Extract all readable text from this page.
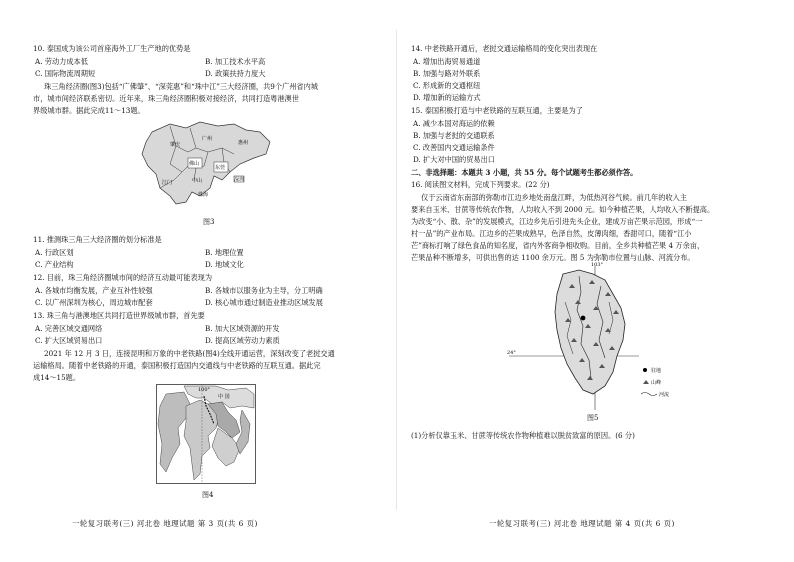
10. 泰国成为该公司首座海外工厂生产地的优势是
A. 劳动力成本低	B. 加工技术水平高
C. 国际物流周期短	D. 政策扶持力度大
珠三角经济圈(图3)包括“广佛肇”、“深莞惠”和“珠中江”三大经济圈，共9个广州省内城
市，城市间经济联系密切。近年来，珠三角经济圈积极对接经济，共同打造粤港澳世
界级城市群。据此完成11～13题。
肇庆
广州
惠州
佛山
东莞
江门	中山	深圳
珠海
图3
11. 推测珠三角三大经济圈的划分标准是
A. 行政区划	B. 地理位置
C. 产业结构	D. 地域文化
12. 目前，珠三角经济圈城市间的经济互动最可能表现为
A. 各城市均衡发展，产业互补性较强	B. 各城市以服务业为主导，分工明确
C. 以广州深圳为核心，周边城市配套	D. 核心城市通过制造业推动区域发展
13. 珠三角与港澳地区共同打造世界级城市群，首先要
A. 完善区域交通网络	B. 加大区域资源的开发
C. 扩大区域贸易出口	D. 提高区域劳动力素质
2021 年 12 月 3 日，连接昆明和万象的中老铁路(图4)全线开通运营，深刻改变了老挝交通
运输格局。随着中老铁路的开通，泰国积极打造国内交通线与中老铁路的互联互通。据此完
成14～15题。
100°
中 国
图4
一轮复习联考(三) 河北卷 地理试题 第 3 页(共 6 页)
14. 中老铁路开通后，老挝交通运输格局的变化突出表现在
A. 增加出海贸易通道
B. 加强与路对外联系
C. 形成新的交通枢纽
D. 增加新的运输方式
15. 泰国积极打造与中老铁路的互联互通，主要是为了
A. 减少本国对海运的依赖
B. 加强与老挝的交通联系
C. 改善国内交通运输条件
D. 扩大对中国的贸易出口
二、非选择题：本题共 3 小题，共 55 分。每个试题考生都必须作答。
16. 阅读图文材料，完成下列要求。(22 分)
仅于云南省东南部的弥勒市江边乡地处南盘江畔，为低热河谷气候。前几年的收入主
要来自玉米、甘蔗等传统农作物，人均收入不到 2000 元。如今种植芒果，人均收入不断提高。
为改变“小、散、杂”的发展模式，江边乡先后引进先头企业，建成万亩芒果示范园，形成“一
村一品”的产业布局。江边乡的芒果成熟早，色泽自然，皮薄肉细，香甜可口，随着“江小
芒”商标打响了绿色食品的知名度，省内外客商争相收购。目前，全乡共种植芒果 4 万余亩，
芒果品种不断增多，可供出售的达 1100 余万元。图 5 为弥勒市位置与山脉、河流分布。
103°
24°
驻地
山峰
河流
图5
(1)分析仅靠玉米、甘蔗等传统农作物种植难以脱贫致富的原因。(6 分)
一轮复习联考(三) 河北卷 地理试题 第 4 页(共 6 页)
